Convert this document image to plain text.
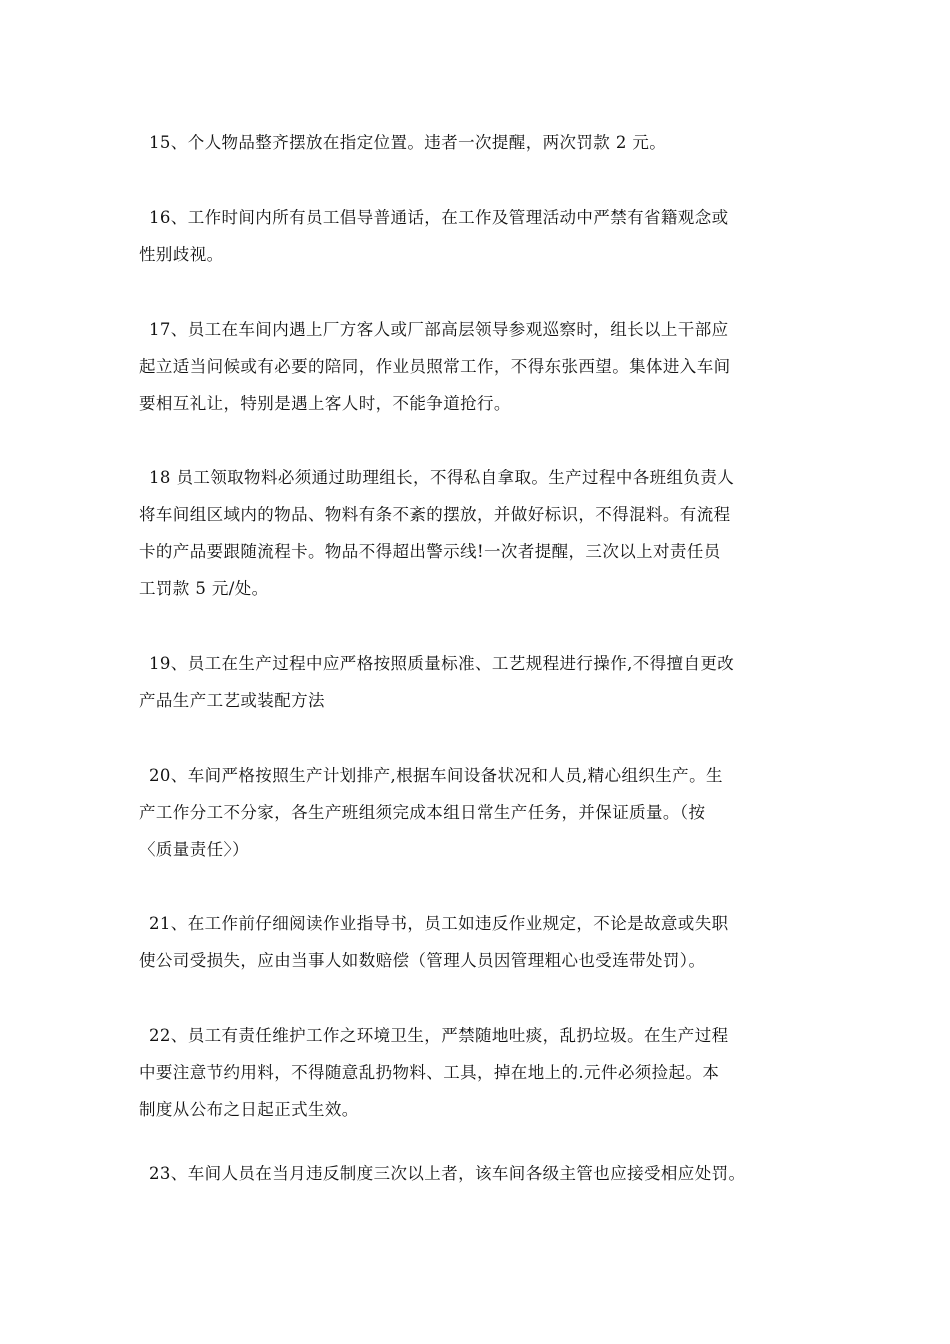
15、个人物品整齐摆放在指定位置。违者一次提醒，两次罚款 2 元。

16、工作时间内所有员工倡导普通话，在工作及管理活动中严禁有省籍观念或
性别歧视。

17、员工在车间内遇上厂方客人或厂部高层领导参观巡察时，组长以上干部应
起立适当问候或有必要的陪同，作业员照常工作，不得东张西望。集体进入车间
要相互礼让，特别是遇上客人时，不能争道抢行。

18 员工领取物料必须通过助理组长，不得私自拿取。生产过程中各班组负责人
将车间组区域内的物品、物料有条不紊的摆放，并做好标识，不得混料。有流程
卡的产品要跟随流程卡。物品不得超出警示线!一次者提醒，三次以上对责任员
工罚款 5 元/处。

19、员工在生产过程中应严格按照质量标准、工艺规程进行操作,不得擅自更改
产品生产工艺或装配方法

20、车间严格按照生产计划排产,根据车间设备状况和人员,精心组织生产。生
产工作分工不分家，各生产班组须完成本组日常生产任务，并保证质量。（按
〈质量责任〉）

21、在工作前仔细阅读作业指导书，员工如违反作业规定，不论是故意或失职
使公司受损失，应由当事人如数赔偿（管理人员因管理粗心也受连带处罚）。

22、员工有责任维护工作之环境卫生，严禁随地吐痰，乱扔垃圾。在生产过程
中要注意节约用料，不得随意乱扔物料、工具，掉在地上的.元件必须捡起。本
制度从公布之日起正式生效。

23、车间人员在当月违反制度三次以上者，该车间各级主管也应接受相应处罚。
